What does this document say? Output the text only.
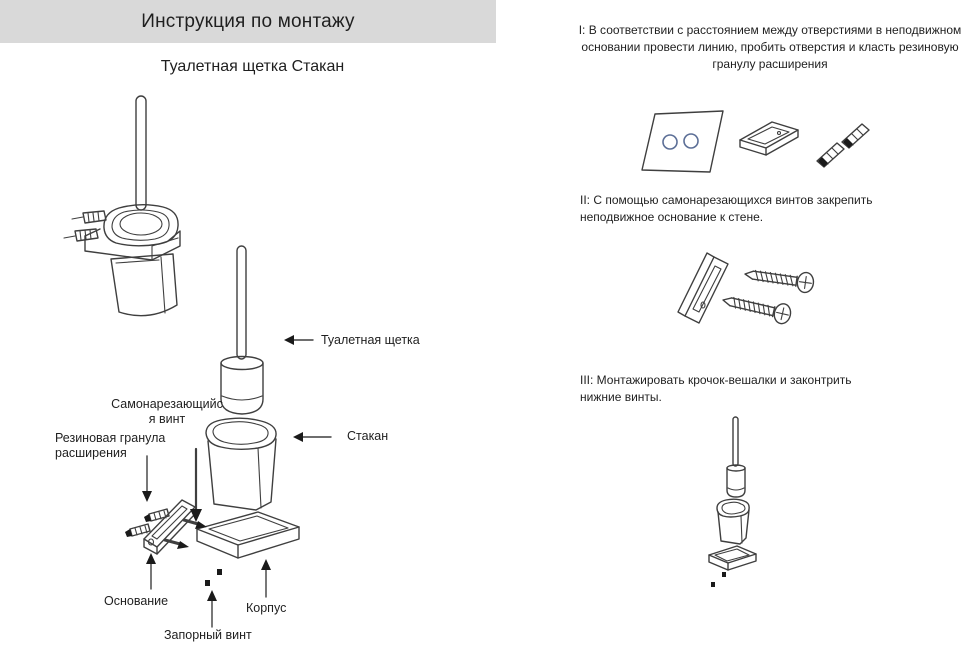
Инструкция по монтажу
Туалетная щетка Стакан
Туалетная щетка
Стакан
Самонарезающийс
я винт
Резиновая гранула
расширения
Основание	Корпус
Запорный винт

I: В соответствии с расстоянием между отверстиями в неподвижном основании провести линию, пробить отверстия и класть резиновую гранулу расширения

II: С помощью самонарезающихся винтов закрепить неподвижное основание к стене.

III: Монтажировать крочок-вешалки и законтрить нижние винты.
